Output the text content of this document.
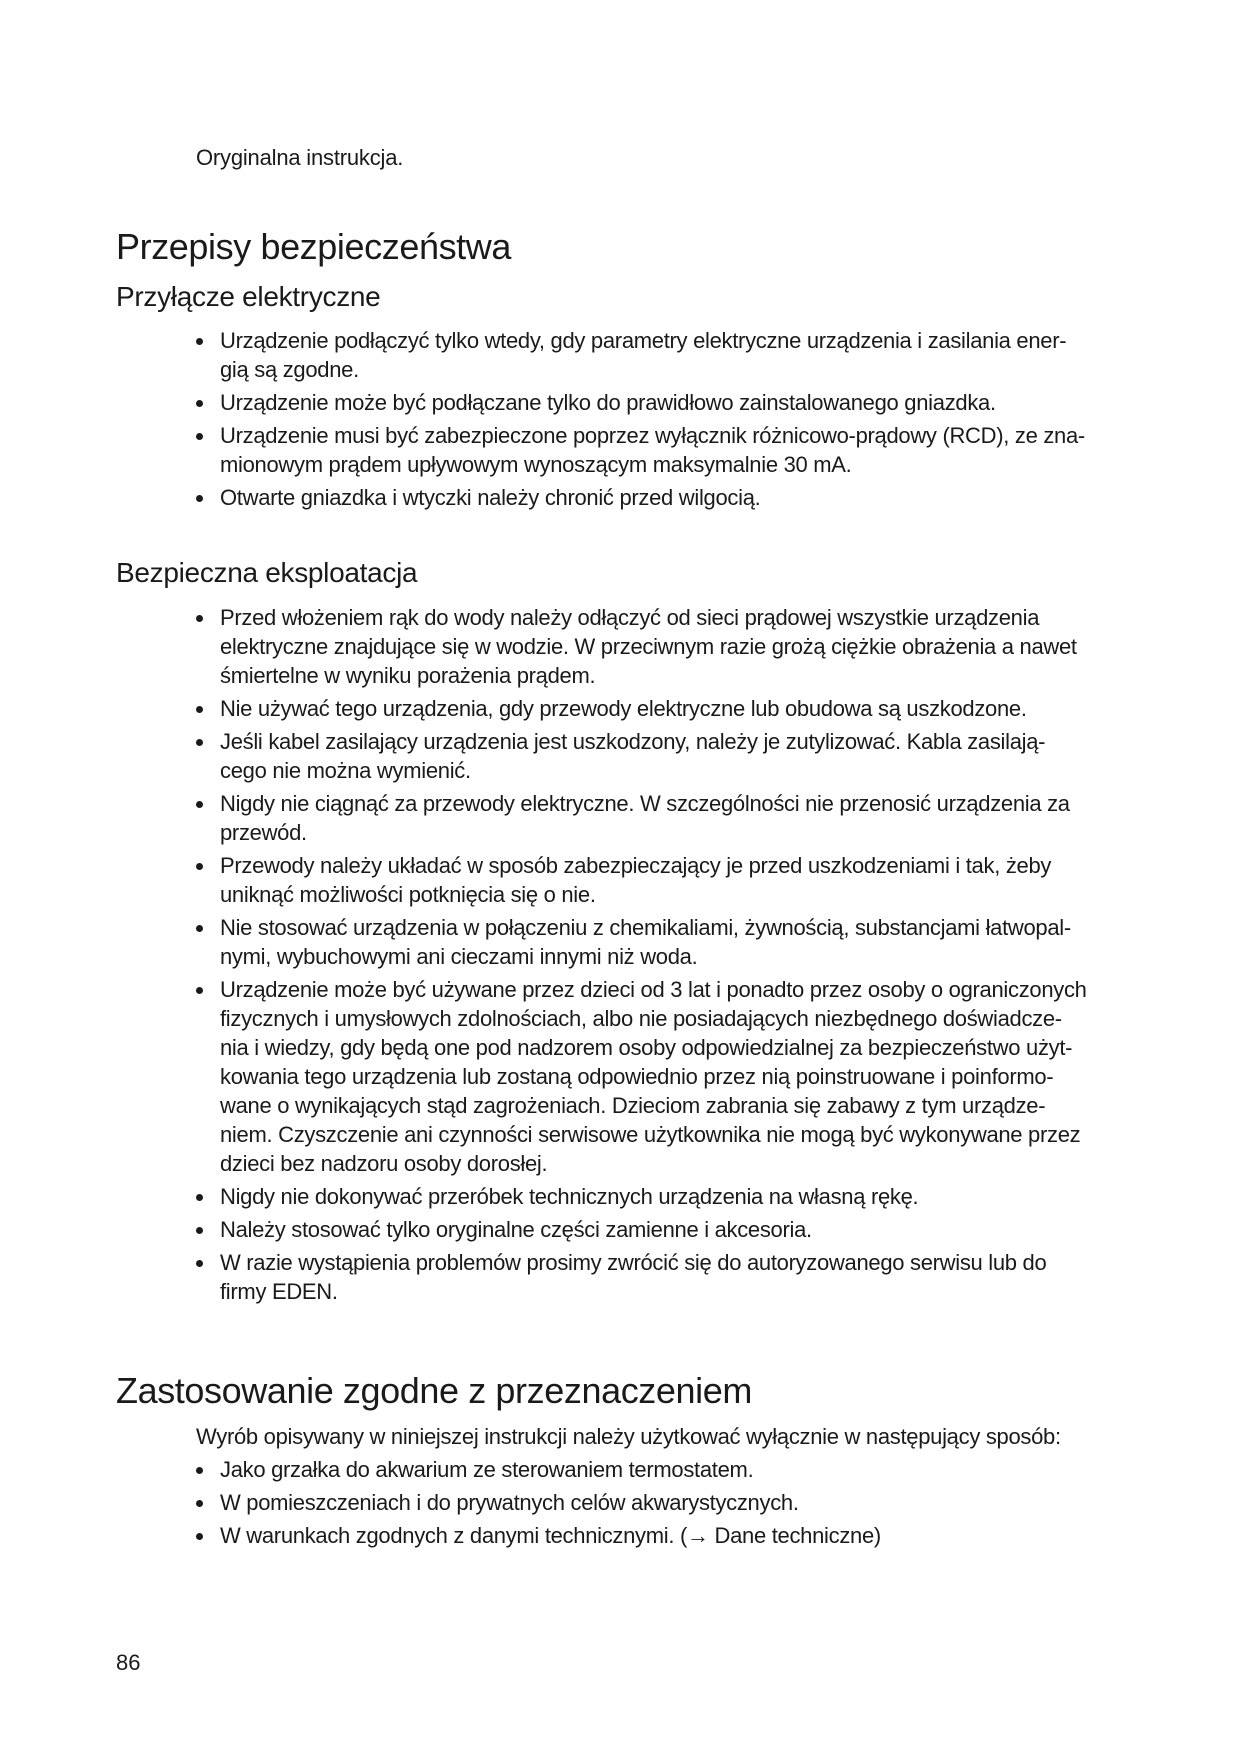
Oryginalna instrukcja.
Przepisy bezpieczeństwa
Przyłącze elektryczne
Urządzenie podłączyć tylko wtedy, gdy parametry elektryczne urządzenia i zasilania ener-
gią są zgodne.
Urządzenie może być podłączane tylko do prawidłowo zainstalowanego gniazdka.
Urządzenie musi być zabezpieczone poprzez wyłącznik różnicowo-prądowy (RCD), ze zna-
mionowym prądem upływowym wynoszącym maksymalnie 30 mA.
Otwarte gniazdka i wtyczki należy chronić przed wilgocią.
Bezpieczna eksploatacja
Przed włożeniem rąk do wody należy odłączyć od sieci prądowej wszystkie urządzenia
elektryczne znajdujące się w wodzie. W przeciwnym razie grożą ciężkie obrażenia a nawet
śmiertelne w wyniku porażenia prądem.
Nie używać tego urządzenia, gdy przewody elektryczne lub obudowa są uszkodzone.
Jeśli kabel zasilający urządzenia jest uszkodzony, należy je zutylizować. Kabla zasilają-
cego nie można wymienić.
Nigdy nie ciągnąć za przewody elektryczne. W szczególności nie przenosić urządzenia za
przewód.
Przewody należy układać w sposób zabezpieczający je przed uszkodzeniami i tak, żeby
uniknąć możliwości potknięcia się o nie.
Nie stosować urządzenia w połączeniu z chemikaliami, żywnością, substancjami łatwopal-
nymi, wybuchowymi ani cieczami innymi niż woda.
Urządzenie może być używane przez dzieci od 3 lat i ponadto przez osoby o ograniczonych
fizycznych i umysłowych zdolnościach, albo nie posiadających niezbędnego doświadcze-
nia i wiedzy, gdy będą one pod nadzorem osoby odpowiedzialnej za bezpieczeństwo użyt-
kowania tego urządzenia lub zostaną odpowiednio przez nią poinstruowane i poinformo-
wane o wynikających stąd zagrożeniach. Dzieciom zabrania się zabawy z tym urządze-
niem. Czyszczenie ani czynności serwisowe użytkownika nie mogą być wykonywane przez
dzieci bez nadzoru osoby dorosłej.
Nigdy nie dokonywać przeróbek technicznych urządzenia na własną rękę.
Należy stosować tylko oryginalne części zamienne i akcesoria.
W razie wystąpienia problemów prosimy zwrócić się do autoryzowanego serwisu lub do
firmy EDEN.
Zastosowanie zgodne z przeznaczeniem
Wyrób opisywany w niniejszej instrukcji należy użytkować wyłącznie w następujący sposób:
Jako grzałka do akwarium ze sterowaniem termostatem.
W pomieszczeniach i do prywatnych celów akwarystycznych.
W warunkach zgodnych z danymi technicznymi. (→ Dane techniczne)
86
